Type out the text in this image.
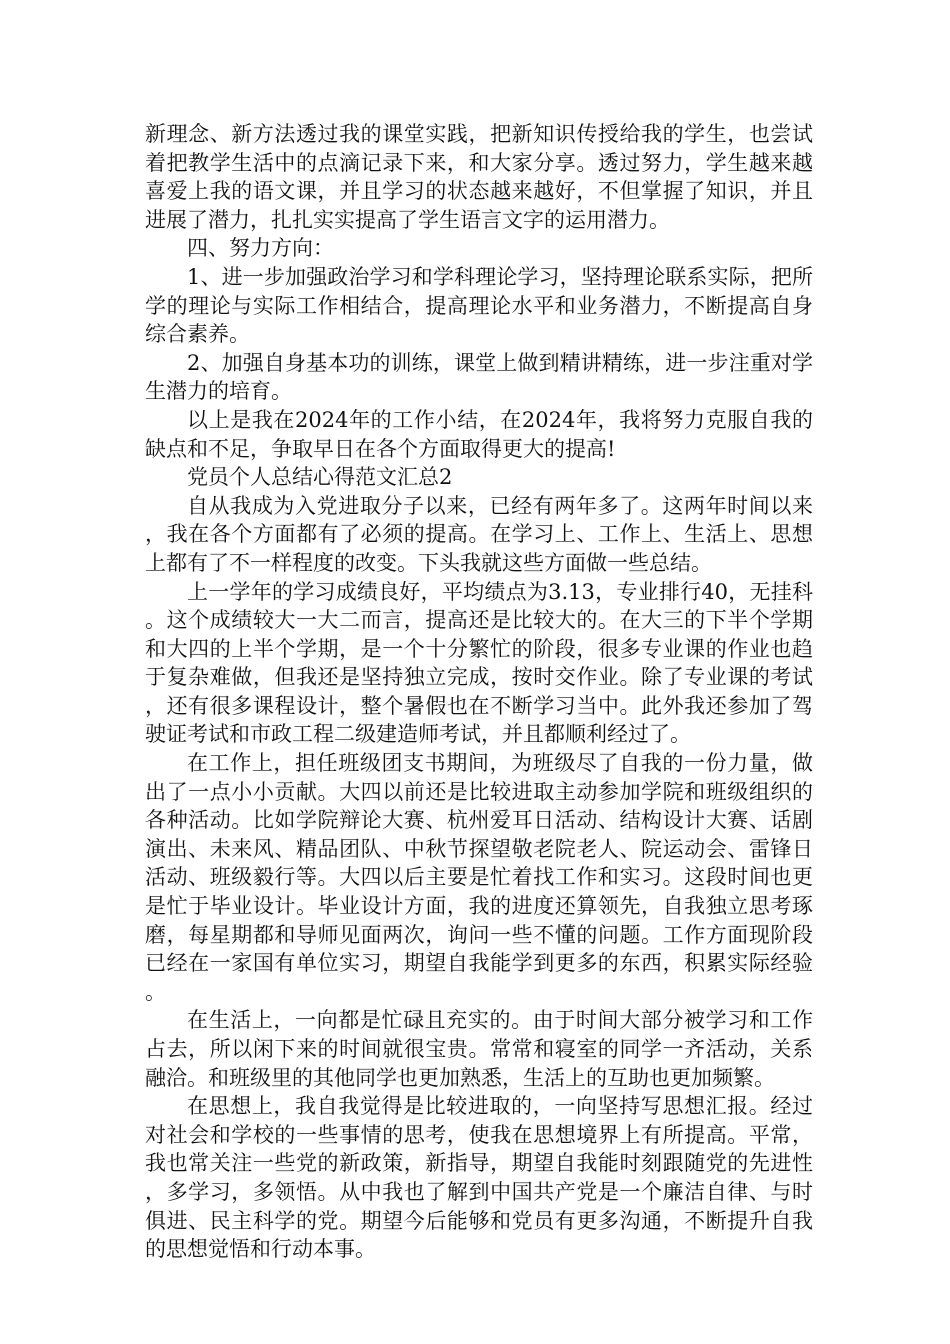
新理念、新方法透过我的课堂实践，把新知识传授给我的学生，也尝试着把教学生活中的点滴记录下来，和大家分享。透过努力，学生越来越喜爱上我的语文课，并且学习的状态越来越好，不但掌握了知识，并且进展了潜力，扎扎实实提高了学生语言文字的运用潜力。

四、努力方向：

1、进一步加强政治学习和学科理论学习，坚持理论联系实际，把所学的理论与实际工作相结合，提高理论水平和业务潜力，不断提高自身综合素养。

2、加强自身基本功的训练，课堂上做到精讲精练，进一步注重对学生潜力的培育。

以上是我在2024年的工作小结，在2024年，我将努力克服自我的缺点和不足，争取早日在各个方面取得更大的提高!

党员个人总结心得范文汇总2

自从我成为入党进取分子以来，已经有两年多了。这两年时间以来，我在各个方面都有了必须的提高。在学习上、工作上、生活上、思想上都有了不一样程度的改变。下头我就这些方面做一些总结。

上一学年的学习成绩良好，平均绩点为3.13，专业排行40，无挂科。这个成绩较大一大二而言，提高还是比较大的。在大三的下半个学期和大四的上半个学期，是一个十分繁忙的阶段，很多专业课的作业也趋于复杂难做，但我还是坚持独立完成，按时交作业。除了专业课的考试，还有很多课程设计，整个暑假也在不断学习当中。此外我还参加了驾驶证考试和市政工程二级建造师考试，并且都顺利经过了。

在工作上，担任班级团支书期间，为班级尽了自我的一份力量，做出了一点小小贡献。大四以前还是比较进取主动参加学院和班级组织的各种活动。比如学院辩论大赛、杭州爱耳日活动、结构设计大赛、话剧演出、未来风、精品团队、中秋节探望敬老院老人、院运动会、雷锋日活动、班级毅行等。大四以后主要是忙着找工作和实习。这段时间也更是忙于毕业设计。毕业设计方面，我的进度还算领先，自我独立思考琢磨，每星期都和导师见面两次，询问一些不懂的问题。工作方面现阶段已经在一家国有单位实习，期望自我能学到更多的东西，积累实际经验。

在生活上，一向都是忙碌且充实的。由于时间大部分被学习和工作占去，所以闲下来的时间就很宝贵。常常和寝室的同学一齐活动，关系融洽。和班级里的其他同学也更加熟悉，生活上的互助也更加频繁。

在思想上，我自我觉得是比较进取的，一向坚持写思想汇报。经过对社会和学校的一些事情的思考，使我在思想境界上有所提高。平常，我也常关注一些党的新政策，新指导，期望自我能时刻跟随党的先进性，多学习，多领悟。从中我也了解到中国共产党是一个廉洁自律、与时俱进、民主科学的党。期望今后能够和党员有更多沟通，不断提升自我的思想觉悟和行动本事。
